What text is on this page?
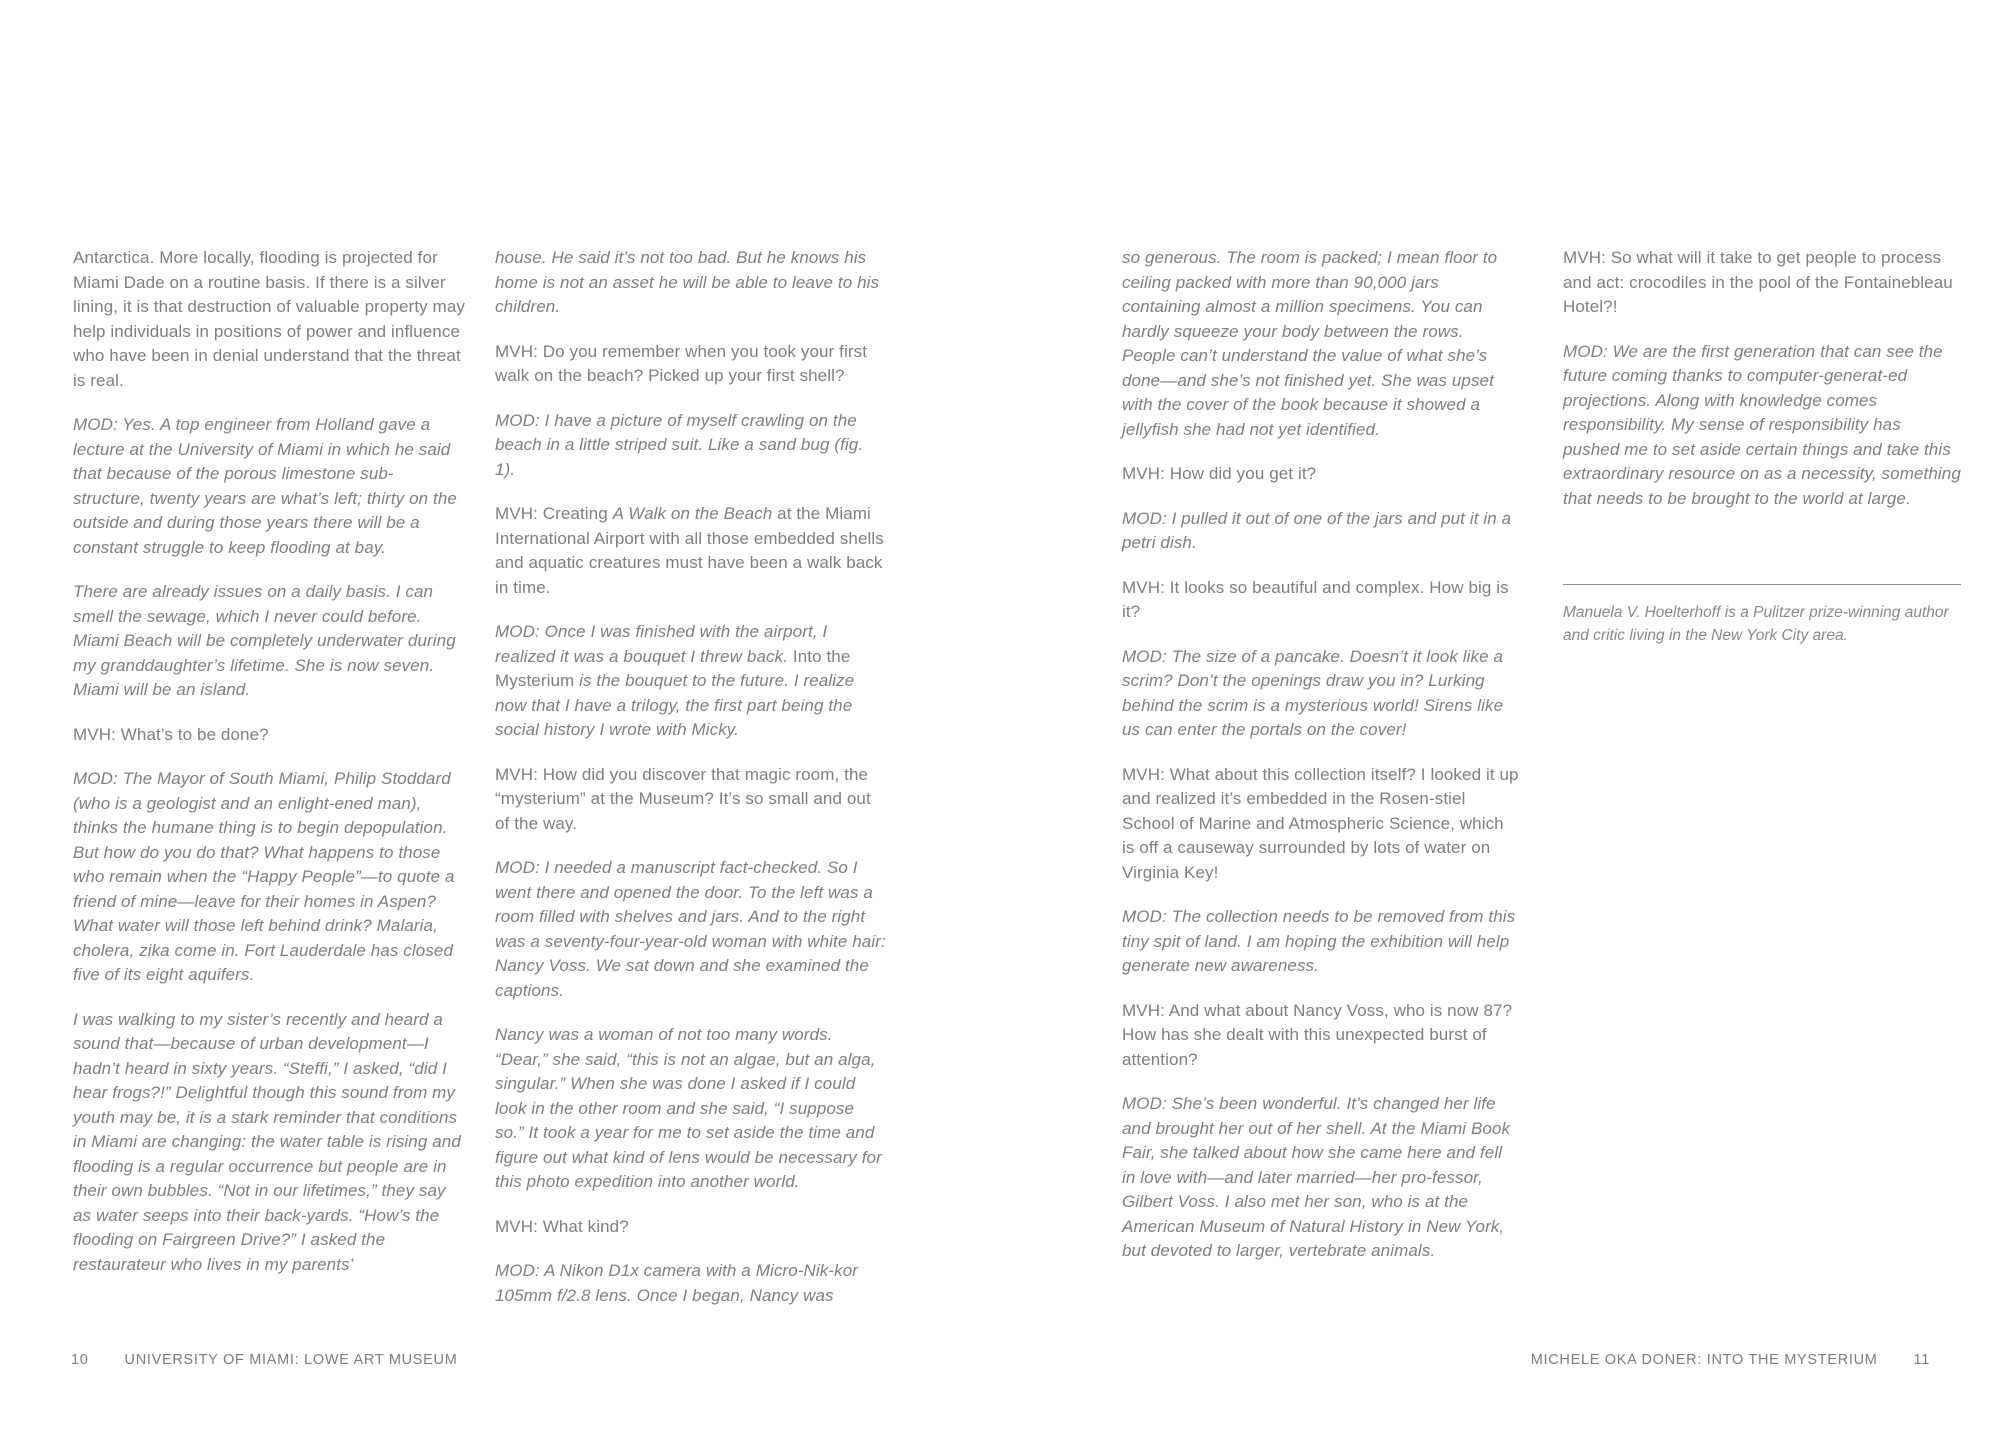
Antarctica. More locally, flooding is projected for Miami Dade on a routine basis. If there is a silver lining, it is that destruction of valuable property may help individuals in positions of power and influence who have been in denial understand that the threat is real.

MOD: Yes. A top engineer from Holland gave a lecture at the University of Miami in which he said that because of the porous limestone sub-structure, twenty years are what’s left; thirty on the outside and during those years there will be a constant struggle to keep flooding at bay.

There are already issues on a daily basis. I can smell the sewage, which I never could before. Miami Beach will be completely underwater during my granddaughter’s lifetime. She is now seven. Miami will be an island.

MVH: What’s to be done?

MOD: The Mayor of South Miami, Philip Stoddard (who is a geologist and an enlight-ened man), thinks the humane thing is to begin depopulation. But how do you do that? What happens to those who remain when the “Happy People”—to quote a friend of mine—leave for their homes in Aspen? What water will those left behind drink? Malaria, cholera, zika come in. Fort Lauderdale has closed five of its eight aquifers.

I was walking to my sister’s recently and heard a sound that—because of urban development—I hadn’t heard in sixty years. “Steffi,” I asked, “did I hear frogs?!” Delightful though this sound from my youth may be, it is a stark reminder that conditions in Miami are changing: the water table is rising and flooding is a regular occurrence but people are in their own bubbles. “Not in our lifetimes,” they say as water seeps into their back-yards. “How’s the flooding on Fairgreen Drive?” I asked the restaurateur who lives in my parents’

house. He said it’s not too bad. But he knows his home is not an asset he will be able to leave to his children.

MVH: Do you remember when you took your first walk on the beach? Picked up your first shell?

MOD: I have a picture of myself crawling on the beach in a little striped suit. Like a sand bug (fig. 1).

MVH: Creating A Walk on the Beach at the Miami International Airport with all those embedded shells and aquatic creatures must have been a walk back in time.

MOD: Once I was finished with the airport, I realized it was a bouquet I threw back. Into the Mysterium is the bouquet to the future. I realize now that I have a trilogy, the first part being the social history I wrote with Micky.

MVH: How did you discover that magic room, the “mysterium” at the Museum? It’s so small and out of the way.

MOD: I needed a manuscript fact-checked. So I went there and opened the door. To the left was a room filled with shelves and jars. And to the right was a seventy-four-year-old woman with white hair: Nancy Voss. We sat down and she examined the captions.

Nancy was a woman of not too many words. “Dear,” she said, “this is not an algae, but an alga, singular.” When she was done I asked if I could look in the other room and she said, “I suppose so.” It took a year for me to set aside the time and figure out what kind of lens would be necessary for this photo expedition into another world.

MVH: What kind?

MOD: A Nikon D1x camera with a Micro-Nik-kor 105mm f/2.8 lens. Once I began, Nancy was

so generous. The room is packed; I mean floor to ceiling packed with more than 90,000 jars containing almost a million specimens. You can hardly squeeze your body between the rows. People can’t understand the value of what she’s done—and she’s not finished yet. She was upset with the cover of the book because it showed a jellyfish she had not yet identified.

MVH: How did you get it?

MOD: I pulled it out of one of the jars and put it in a petri dish.

MVH: It looks so beautiful and complex. How big is it?

MOD: The size of a pancake. Doesn’t it look like a scrim? Don’t the openings draw you in? Lurking behind the scrim is a mysterious world! Sirens like us can enter the portals on the cover!

MVH: What about this collection itself? I looked it up and realized it’s embedded in the Rosen-stiel School of Marine and Atmospheric Science, which is off a causeway surrounded by lots of water on Virginia Key!

MOD: The collection needs to be removed from this tiny spit of land. I am hoping the exhibition will help generate new awareness.

MVH: And what about Nancy Voss, who is now 87? How has she dealt with this unexpected burst of attention?

MOD: She’s been wonderful. It’s changed her life and brought her out of her shell. At the Miami Book Fair, she talked about how she came here and fell in love with—and later married—her pro-fessor, Gilbert Voss. I also met her son, who is at the American Museum of Natural History in New York, but devoted to larger, vertebrate animals.

MVH: So what will it take to get people to process and act: crocodiles in the pool of the Fontainebleau Hotel?!

MOD: We are the first generation that can see the future coming thanks to computer-generat-ed projections. Along with knowledge comes responsibility. My sense of responsibility has pushed me to set aside certain things and take this extraordinary resource on as a necessity, something that needs to be brought to the world at large.

Manuela V. Hoelterhoff is a Pulitzer prize-winning author and critic living in the New York City area.

10 UNIVERSITY OF MIAMI: LOWE ART MUSEUM	MICHELE OKA DONER: INTO THE MYSTERIUM 11
